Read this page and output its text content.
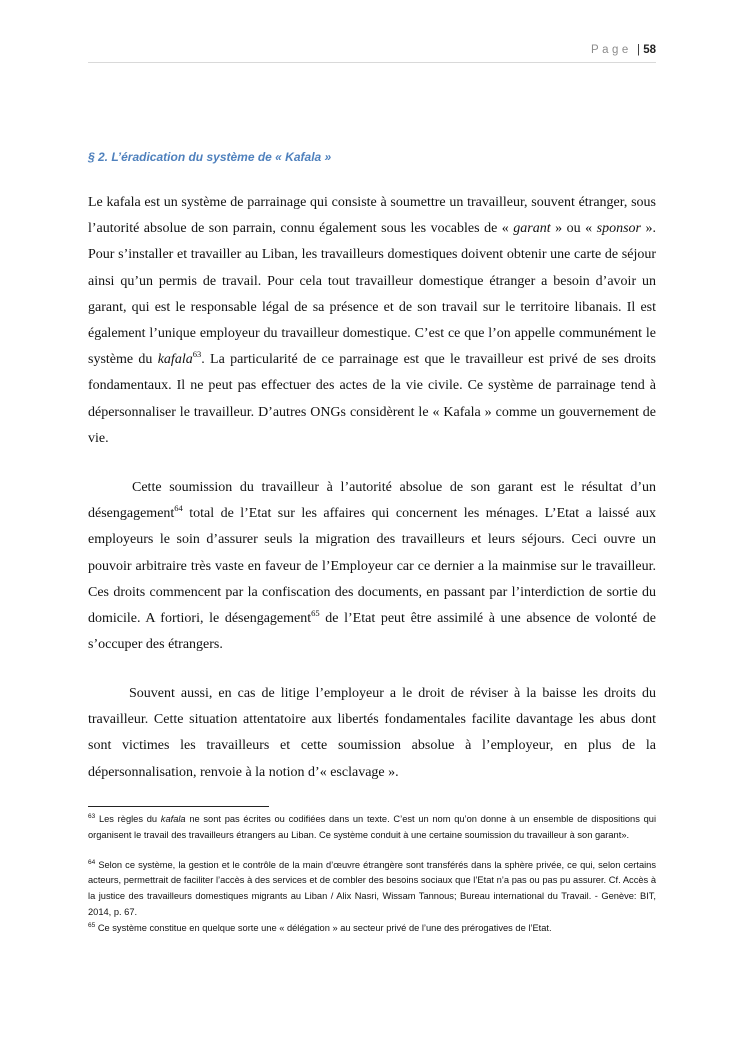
Page | 58
§ 2. L’éradication du système de « Kafala »

Le kafala est un système de parrainage qui consiste à soumettre un travailleur, souvent étranger, sous l’autorité absolue de son parrain, connu également sous les vocables de « garant » ou « sponsor ». Pour s’installer et travailler au Liban, les travailleurs domestiques doivent obtenir une carte de séjour ainsi qu’un permis de travail. Pour cela tout travailleur domestique étranger a besoin d’avoir un garant, qui est le responsable légal de sa présence et de son travail sur le territoire libanais. Il est également l’unique employeur du travailleur domestique. C’est ce que l’on appelle communément le système du kafala$^{63}$. La particularité de ce parrainage est que le travailleur est privé de ses droits fondamentaux. Il ne peut pas effectuer des actes de la vie civile. Ce système de parrainage tend à dépersonnaliser le travailleur. D’autres ONGs considèrent le « Kafala » comme un gouvernement de vie.

Cette soumission du travailleur à l’autorité absolue de son garant est le résultat d’un désengagement$^{64}$ total de l’Etat sur les affaires qui concernent les ménages. L’Etat a laissé aux employeurs le soin d’assurer seuls la migration des travailleurs et leurs séjours. Ceci ouvre un pouvoir arbitraire très vaste en faveur de l’Employeur car ce dernier a la mainmise sur le travailleur. Ces droits commencent par la confiscation des documents, en passant par l’interdiction de sortie du domicile. A fortiori, le désengagement$^{65}$ de l’Etat peut être assimilé à une absence de volonté de s’occuper des étrangers.

Souvent aussi, en cas de litige l’employeur a le droit de réviser à la baisse les droits du travailleur. Cette situation attentatoire aux libertés fondamentales facilite davantage les abus dont sont victimes les travailleurs et cette soumission absolue à l’employeur, en plus de la dépersonnalisation, renvoie à la notion d’« esclavage ».

$^{63}$ Les règles du kafala ne sont pas écrites ou codifiées dans un texte. C’est un nom qu’on donne à un ensemble de dispositions qui organisent le travail des travailleurs étrangers au Liban. Ce système conduit à une certaine soumission du travailleur à son garant».

$^{64}$ Selon ce système, la gestion et le contrôle de la main d’œuvre étrangère sont transférés dans la sphère privée, ce qui, selon certains acteurs, permettrait de faciliter l’accès à des services et de combler des besoins sociaux que l’Etat n’a pas ou pas pu assurer. Cf. Accès à la justice des travailleurs domestiques migrants au Liban / Alix Nasri, Wissam Tannous; Bureau international du Travail. - Genève: BIT, 2014, p. 67.

$^{65}$ Ce système constitue en quelque sorte une « délégation » au secteur privé de l’une des prérogatives de l’Etat.
